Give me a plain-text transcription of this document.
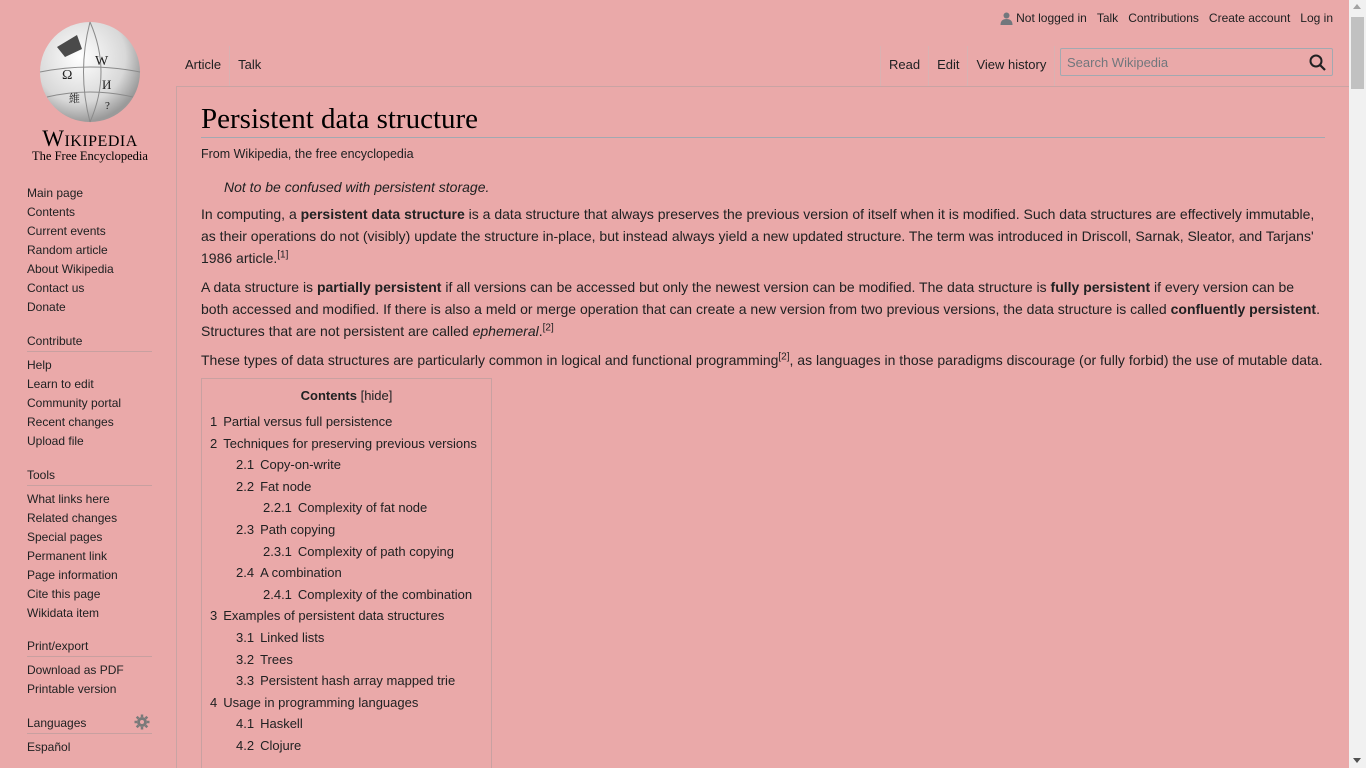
Ω
W
И
維
?
Wikipedia
The Free Encyclopedia
Main page
Contents
Current events
Random article
About Wikipedia
Contact us
Donate
Contribute
Help
Learn to edit
Community portal
Recent changes
Upload file
Tools
What links here
Related changes
Special pages
Permanent link
Page information
Cite this page
Wikidata item
Print/export
Download as PDF
Printable version
Languages
Español
Not logged in Talk Contributions Create account Log in
Article	Talk	Read	Edit	View history
Search Wikipedia
Persistent data structure
From Wikipedia, the free encyclopedia
Not to be confused with persistent storage.

In computing, a persistent data structure is a data structure that always preserves the previous version of itself when it is modified. Such data structures are effectively immutable, as their operations do not (visibly) update the structure in-place, but instead always yield a new updated structure. The term was introduced in Driscoll, Sarnak, Sleator, and Tarjans' 1986 article.[1]

A data structure is partially persistent if all versions can be accessed but only the newest version can be modified. The data structure is fully persistent if every version can be both accessed and modified. If there is also a meld or merge operation that can create a new version from two previous versions, the data structure is called confluently persistent. Structures that are not persistent are called ephemeral.[2]

These types of data structures are particularly common in logical and functional programming[2], as languages in those paradigms discourage (or fully forbid) the use of mutable data.

Contents [hide]
1 Partial versus full persistence
2 Techniques for preserving previous versions
2.1 Copy-on-write
2.2 Fat node
2.2.1 Complexity of fat node
2.3 Path copying
2.3.1 Complexity of path copying
2.4 A combination
2.4.1 Complexity of the combination
3 Examples of persistent data structures
3.1 Linked lists
3.2 Trees
3.3 Persistent hash array mapped trie
4 Usage in programming languages
4.1 Haskell
4.2 Clojure
